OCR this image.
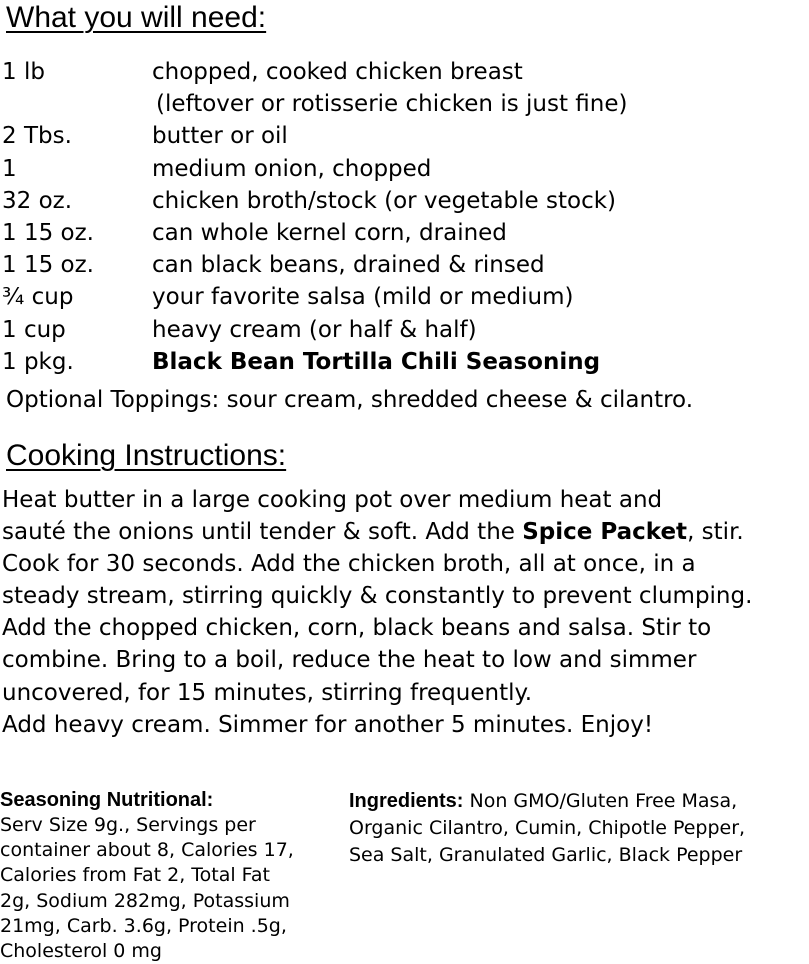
What you will need:
1 lb	chopped, cooked chicken breast
(leftover or rotisserie chicken is just fine)
2 Tbs.	butter or oil
1	medium onion, chopped
32 oz.	chicken broth/stock (or vegetable stock)
1 15 oz.	can whole kernel corn, drained
1 15 oz.	can black beans, drained & rinsed
¾ cup	your favorite salsa (mild or medium)
1 cup	heavy cream (or half & half)
1 pkg.	Black Bean Tortilla Chili Seasoning
Optional Toppings: sour cream, shredded cheese & cilantro.
Cooking Instructions:
Heat butter in a large cooking pot over medium heat and
sauté the onions until tender & soft. Add the Spice Packet, stir.
Cook for 30 seconds. Add the chicken broth, all at once, in a
steady stream, stirring quickly & constantly to prevent clumping.
Add the chopped chicken, corn, black beans and salsa. Stir to
combine. Bring to a boil, reduce the heat to low and simmer
uncovered, for 15 minutes, stirring frequently.
Add heavy cream. Simmer for another 5 minutes. Enjoy!
Seasoning Nutritional:
Serv Size 9g., Servings per
container about 8, Calories 17,
Calories from Fat 2, Total Fat
2g, Sodium 282mg, Potassium
21mg, Carb. 3.6g, Protein .5g,
Cholesterol 0 mg
Ingredients: Non GMO/Gluten Free Masa,
Organic Cilantro, Cumin, Chipotle Pepper,
Sea Salt, Granulated Garlic, Black Pepper
